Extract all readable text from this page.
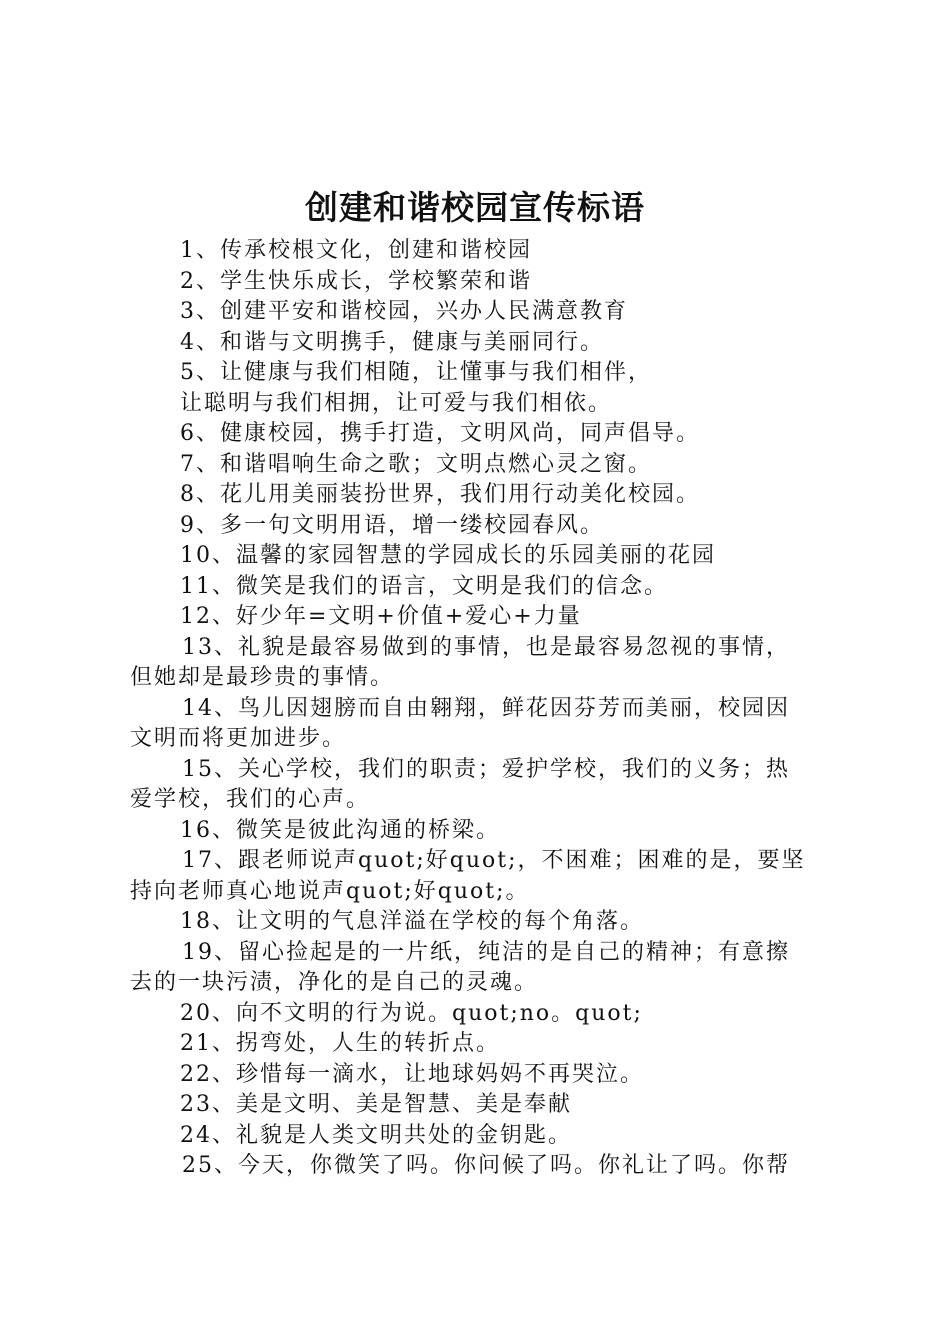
创建和谐校园宣传标语
1、传承校根文化，创建和谐校园
2、学生快乐成长，学校繁荣和谐
3、创建平安和谐校园，兴办人民满意教育
4、和谐与文明携手，健康与美丽同行。
5、让健康与我们相随，让懂事与我们相伴，
让聪明与我们相拥，让可爱与我们相依。
6、健康校园，携手打造，文明风尚，同声倡导。
7、和谐唱响生命之歌；文明点燃心灵之窗。
8、花儿用美丽装扮世界，我们用行动美化校园。
9、多一句文明用语，增一缕校园春风。
10、温馨的家园智慧的学园成长的乐园美丽的花园
11、微笑是我们的语言，文明是我们的信念。
12、好少年=文明+价值+爱心+力量
13、礼貌是最容易做到的事情，也是最容易忽视的事情，
但她却是最珍贵的事情。
14、鸟儿因翅膀而自由翱翔，鲜花因芬芳而美丽，校园因
文明而将更加进步。
15、关心学校，我们的职责；爱护学校，我们的义务；热
爱学校，我们的心声。
16、微笑是彼此沟通的桥梁。
17、跟老师说声quot;好quot;，不困难；困难的是，要坚
持向老师真心地说声quot;好quot;。
18、让文明的气息洋溢在学校的每个角落。
19、留心捡起是的一片纸，纯洁的是自己的精神；有意擦
去的一块污渍，净化的是自己的灵魂。
20、向不文明的行为说。quot;no。quot;
21、拐弯处，人生的转折点。
22、珍惜每一滴水，让地球妈妈不再哭泣。
23、美是文明、美是智慧、美是奉献
24、礼貌是人类文明共处的金钥匙。
25、今天，你微笑了吗。你问候了吗。你礼让了吗。你帮
